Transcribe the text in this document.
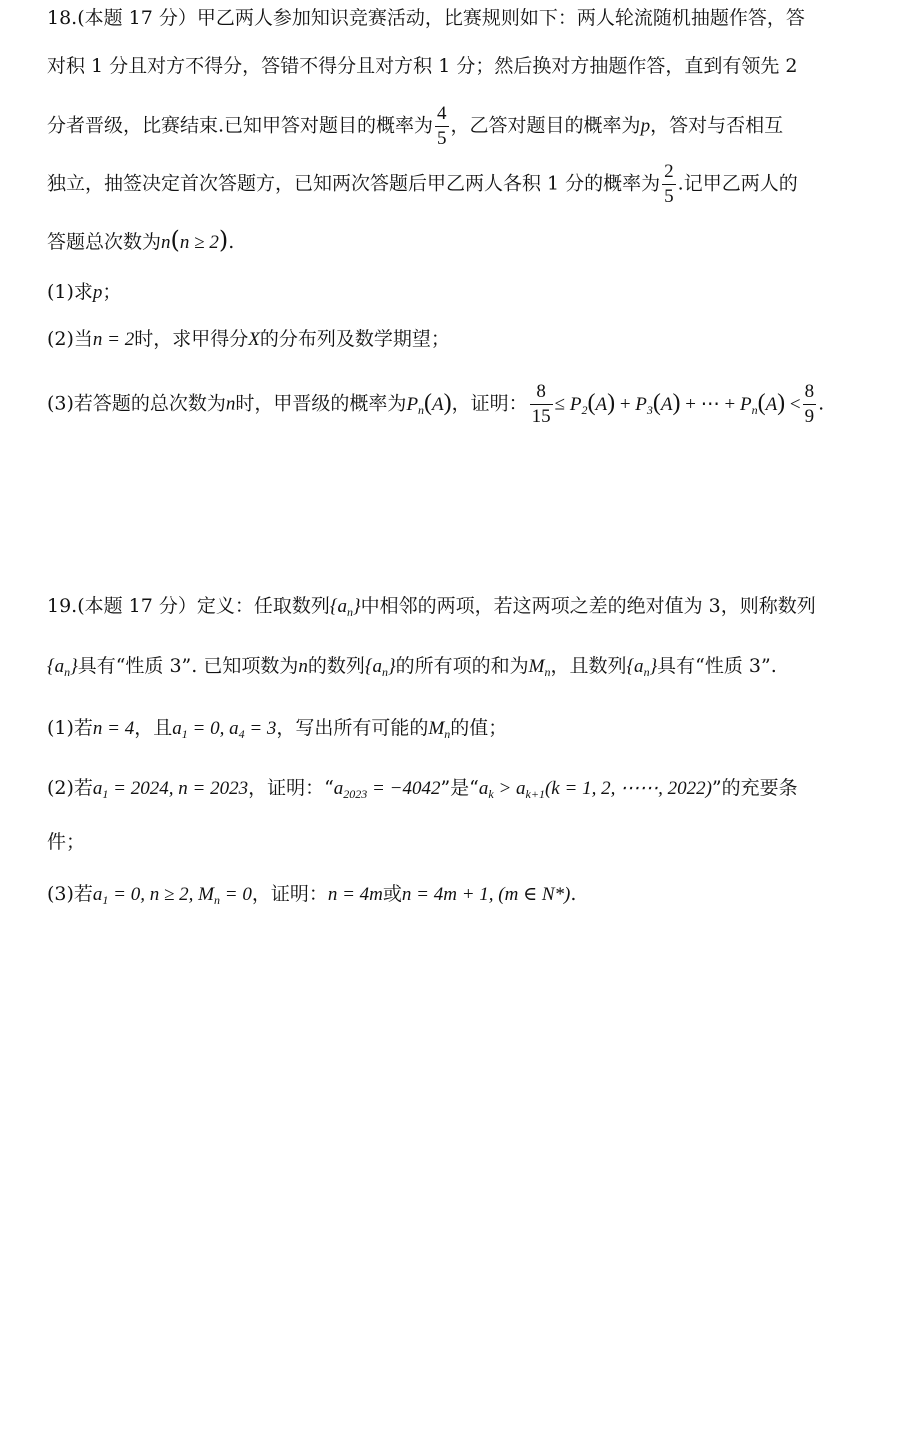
18.(本题 17 分）甲乙两人参加知识竞赛活动，比赛规则如下：两人轮流随机抽题作答，答
对积 1 分且对方不得分，答错不得分且对方积 1 分；然后换对方抽题作答，直到有领先 2
分者晋级，比赛结束.已知甲答对题目的概率为 $\frac{4}{5}$ ，乙答对题目的概率为p，答对与否相互
独立，抽签决定首次答题方，已知两次答题后甲乙两人各积 1 分的概率为 $\frac{2}{5}$ .记甲乙两人的
答题总次数为n(n ≥ 2).
(1)求p；
(2)当n = 2时，求甲得分X的分布列及数学期望；
(3)若答题的总次数为n时，甲晋级的概率为$P_n(A)$，证明： $\frac{8}{15} \le P_2(A) + P_3(A)$ + ⋯ + $P_n(A) < \frac{8}{9}$ .
19.(本题 17 分）定义：任取数列$\{a_n\}$中相邻的两项，若这两项之差的绝对值为 3，则称数列
$\{a_n\}$具有“性质 3”. 已知项数为n的数列$\{a_n\}$的所有项的和为$M_n$，且数列$\{a_n\}$具有“性质 3”.
(1)若n = 4，且$a_1 = 0$, $a_4 = 3$，写出所有可能的$M_n$的值；
(2)若$a_1 = 2024$, n = 2023，证明：“$a_{2023} = -4042$”是“$a_k > a_{k+1}(k = 1$, 2, ⋯⋯, 2022)”的充要条
件；
(3)若$a_1 = 0$, n ≥ 2, $M_n = 0$，证明：n = 4m或n = 4m + 1, (m ∈ N*).
